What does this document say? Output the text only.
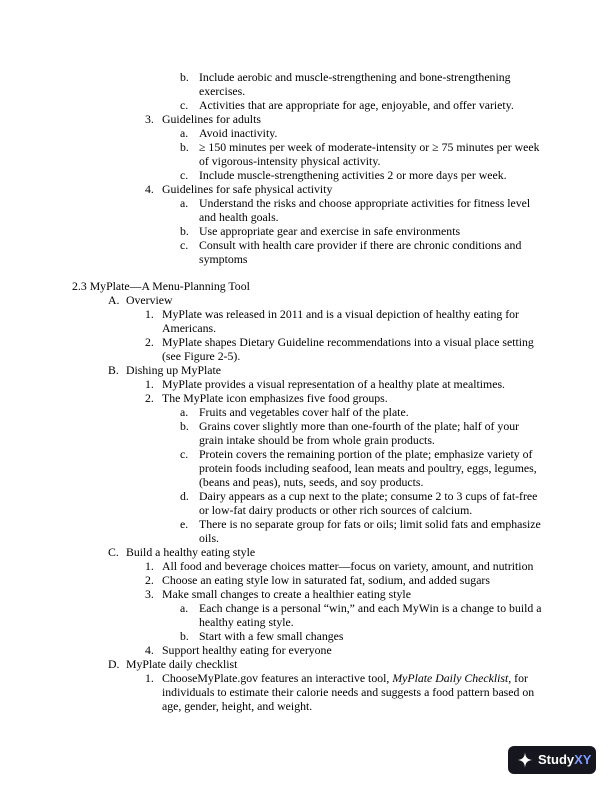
b. Include aerobic and muscle-strengthening and bone-strengthening
exercises.
c. Activities that are appropriate for age, enjoyable, and offer variety.
3. Guidelines for adults
a. Avoid inactivity.
b. ≥ 150 minutes per week of moderate-intensity or ≥ 75 minutes per week
of vigorous-intensity physical activity.
c. Include muscle-strengthening activities 2 or more days per week.
4. Guidelines for safe physical activity
a. Understand the risks and choose appropriate activities for fitness level
and health goals.
b. Use appropriate gear and exercise in safe environments
c. Consult with health care provider if there are chronic conditions and
symptoms
2.3 MyPlate—A Menu-Planning Tool
A. Overview
1. MyPlate was released in 2011 and is a visual depiction of healthy eating for
Americans.
2. MyPlate shapes Dietary Guideline recommendations into a visual place setting
(see Figure 2-5).
B. Dishing up MyPlate
1. MyPlate provides a visual representation of a healthy plate at mealtimes.
2. The MyPlate icon emphasizes five food groups.
a. Fruits and vegetables cover half of the plate.
b. Grains cover slightly more than one-fourth of the plate; half of your
grain intake should be from whole grain products.
c. Protein covers the remaining portion of the plate; emphasize variety of
protein foods including seafood, lean meats and poultry, eggs, legumes,
(beans and peas), nuts, seeds, and soy products.
d. Dairy appears as a cup next to the plate; consume 2 to 3 cups of fat-free
or low-fat dairy products or other rich sources of calcium.
e. There is no separate group for fats or oils; limit solid fats and emphasize
oils.
C. Build a healthy eating style
1. All food and beverage choices matter—focus on variety, amount, and nutrition
2. Choose an eating style low in saturated fat, sodium, and added sugars
3. Make small changes to create a healthier eating style
a. Each change is a personal “win,” and each MyWin is a change to build a
healthy eating style.
b. Start with a few small changes
4. Support healthy eating for everyone
D. MyPlate daily checklist
1. ChooseMyPlate.gov features an interactive tool, MyPlate Daily Checklist, for
individuals to estimate their calorie needs and suggests a food pattern based on
age, gender, height, and weight.
StudyXY
